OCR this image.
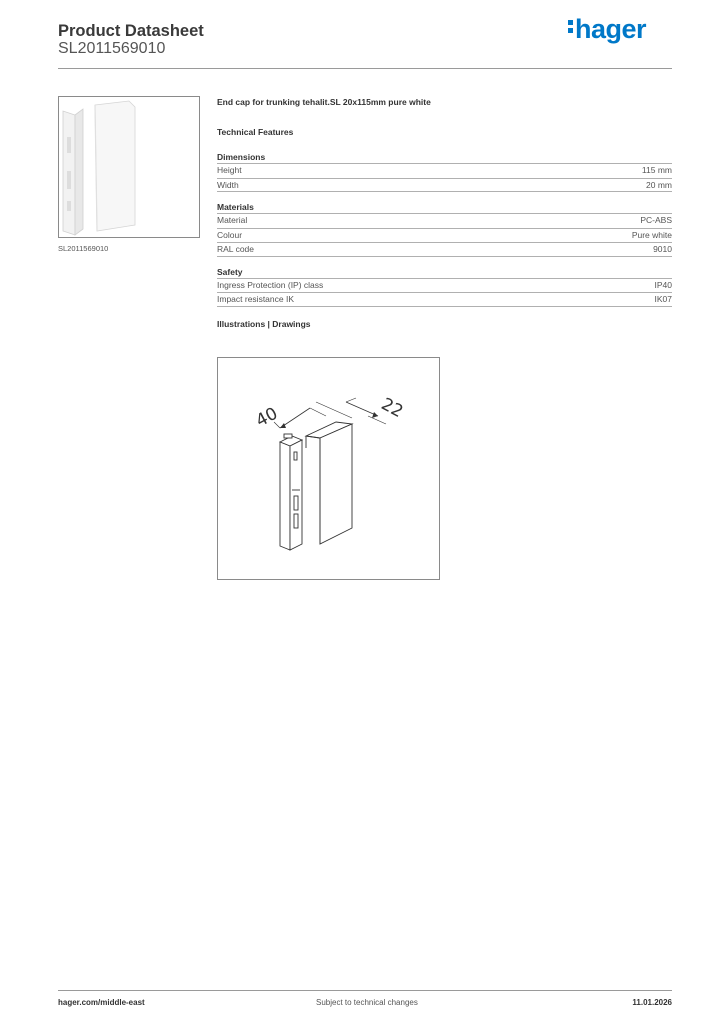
Product Datasheet
SL2011569010
hager
SL2011569010
End cap for trunking tehalit.SL 20x115mm pure white
Technical Features
Dimensions
Height	115 mm
Width	20 mm
Materials
Material	PC-ABS
Colour	Pure white
RAL code	9010
Safety
Ingress Protection (IP) class	IP40
Impact resistance IK	IK07
Illustrations | Drawings
40	22
hager.com/middle-east	Subject to technical changes	11.01.2026
